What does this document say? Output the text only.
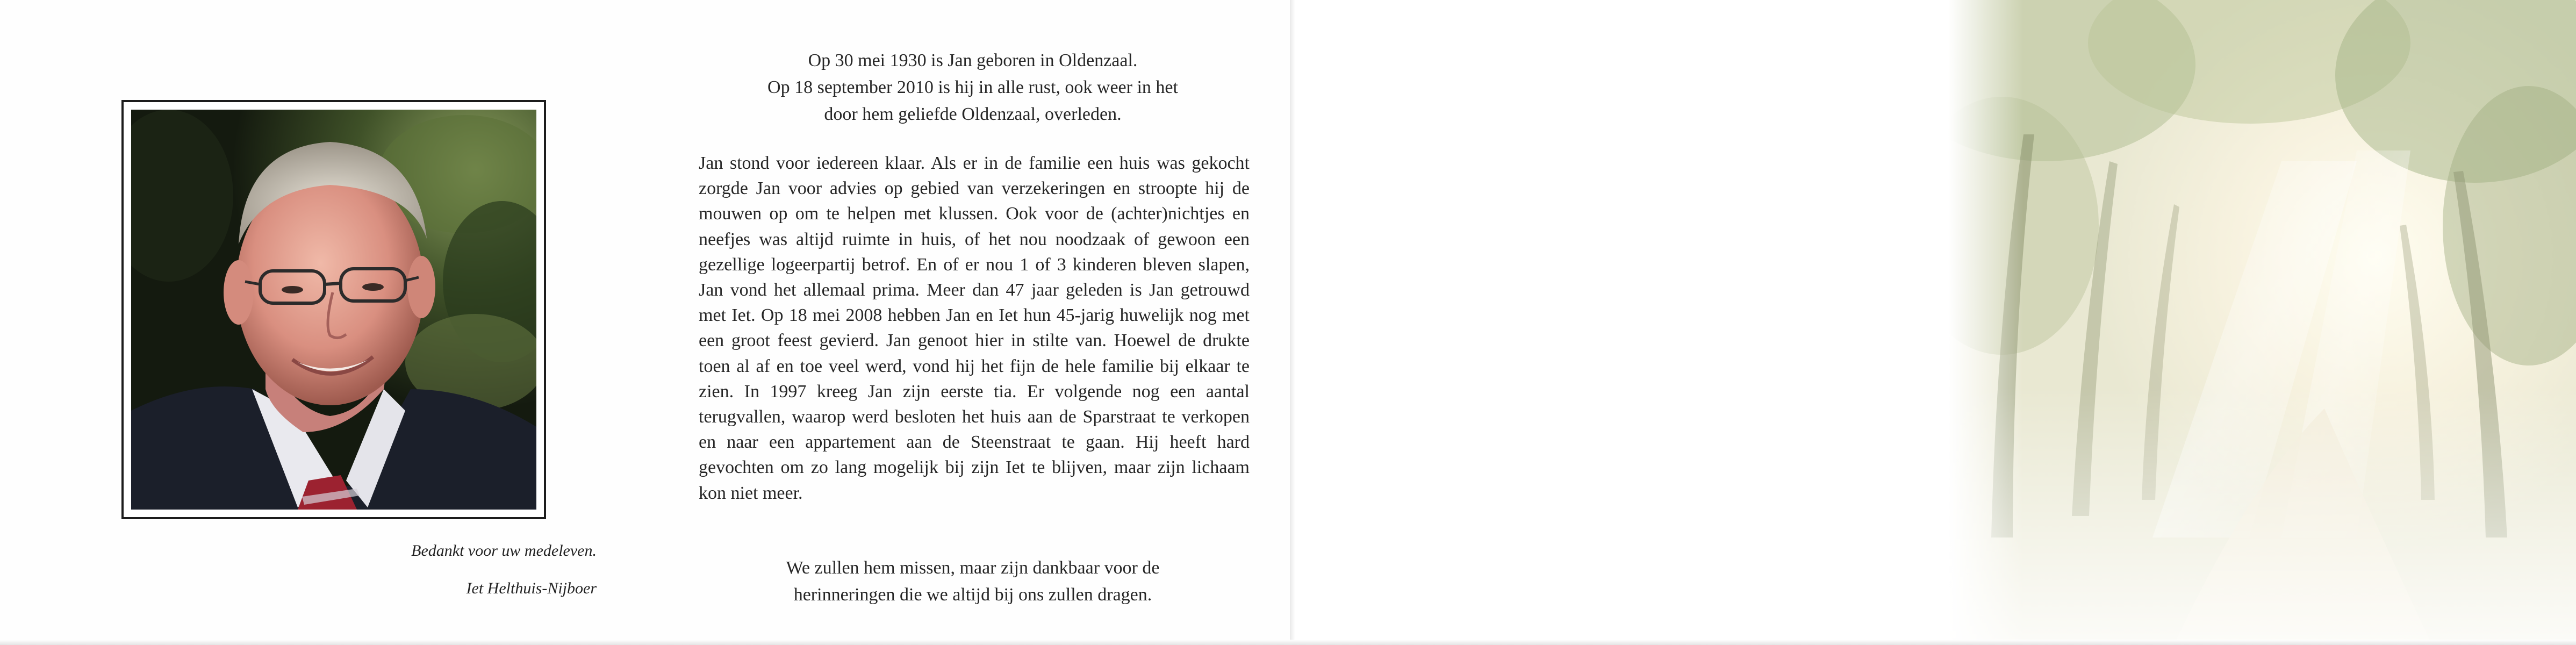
Bedankt voor uw medeleven.
Iet Helthuis-Nijboer
Op 30 mei 1930 is Jan geboren in Oldenzaal.
Op 18 september 2010 is hij in alle rust, ook weer in het
door hem geliefde Oldenzaal, overleden.
Jan stond voor iedereen klaar. Als er in de familie een huis was gekocht zorgde Jan voor advies op gebied van verzekeringen en stroopte hij de mouwen op om te helpen met klussen. Ook voor de (achter)nichtjes en neefjes was altijd ruimte in huis, of het nou noodzaak of gewoon een gezellige logeerpartij betrof. En of er nou 1 of 3 kinderen bleven slapen, Jan vond het allemaal prima. Meer dan 47 jaar geleden is Jan getrouwd met Iet. Op 18 mei 2008 hebben Jan en Iet hun 45-jarig huwelijk nog met een groot feest gevierd. Jan genoot hier in stilte van. Hoewel de drukte toen al af en toe veel werd, vond hij het fijn de hele familie bij elkaar te zien. In 1997 kreeg Jan zijn eerste tia. Er volgende nog een aantal terugvallen, waarop werd besloten het huis aan de Sparstraat te verkopen en naar een appartement aan de Steenstraat te gaan. Hij heeft hard gevochten om zo lang mogelijk bij zijn Iet te blijven, maar zijn lichaam kon niet meer.
We zullen hem missen, maar zijn dankbaar voor de
herinneringen die we altijd bij ons zullen dragen.
